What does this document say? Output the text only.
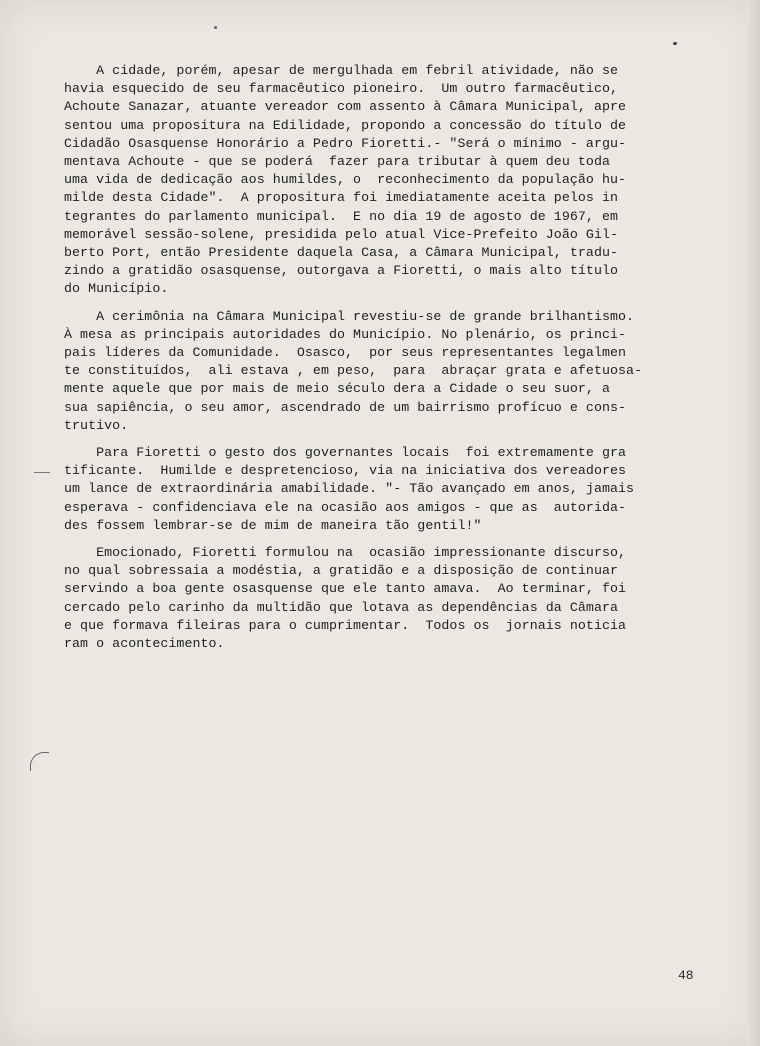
A cidade, porém, apesar de mergulhada em febril atividade, não se
havia esquecido de seu farmacêutico pioneiro.  Um outro farmacêutico,
Achoute Sanazar, atuante vereador com assento à Câmara Municipal, apre
sentou uma propositura na Edilidade, propondo a concessão do título de
Cidadão Osasquense Honorário a Pedro Fioretti.- "Será o mínimo - argu-
mentava Achoute - que se poderá  fazer para tributar à quem deu toda
uma vida de dedicação aos humildes, o  reconhecimento da população hu-
milde desta Cidade".  A propositura foi imediatamente aceita pelos in
tegrantes do parlamento municipal.  E no dia 19 de agosto de 1967, em
memorável sessão-solene, presidida pelo atual Vice-Prefeito João Gil-
berto Port, então Presidente daquela Casa, a Câmara Municipal, tradu-
zindo a gratidão osasquense, outorgava a Fioretti, o mais alto título
do Município.
A cerimônia na Câmara Municipal revestiu-se de grande brilhantismo.
À mesa as principais autoridades do Município. No plenário, os princi-
pais líderes da Comunidade.  Osasco,  por seus representantes legalmen
te constituídos,  ali estava , em peso,  para  abraçar grata e afetuosa-
mente aquele que por mais de meio século dera a Cidade o seu suor, a
sua sapiência, o seu amor, ascendrado de um bairrismo profícuo e cons-
trutivo.
Para Fioretti o gesto dos governantes locais  foi extremamente gra
tificante.  Humilde e despretencioso, via na iniciativa dos vereadores
um lance de extraordinária amabilidade. "- Tão avançado em anos, jamais
esperava - confidenciava ele na ocasião aos amigos - que as  autorida-
des fossem lembrar-se de mim de maneira tão gentil!"
Emocionado, Fioretti formulou na  ocasião impressionante discurso,
no qual sobressaia a modéstia, a gratidão e a disposição de continuar
servindo a boa gente osasquense que ele tanto amava.  Ao terminar, foi
cercado pelo carinho da multidão que lotava as dependências da Câmara
e que formava fileiras para o cumprimentar.  Todos os  jornais noticia
ram o acontecimento.
48
